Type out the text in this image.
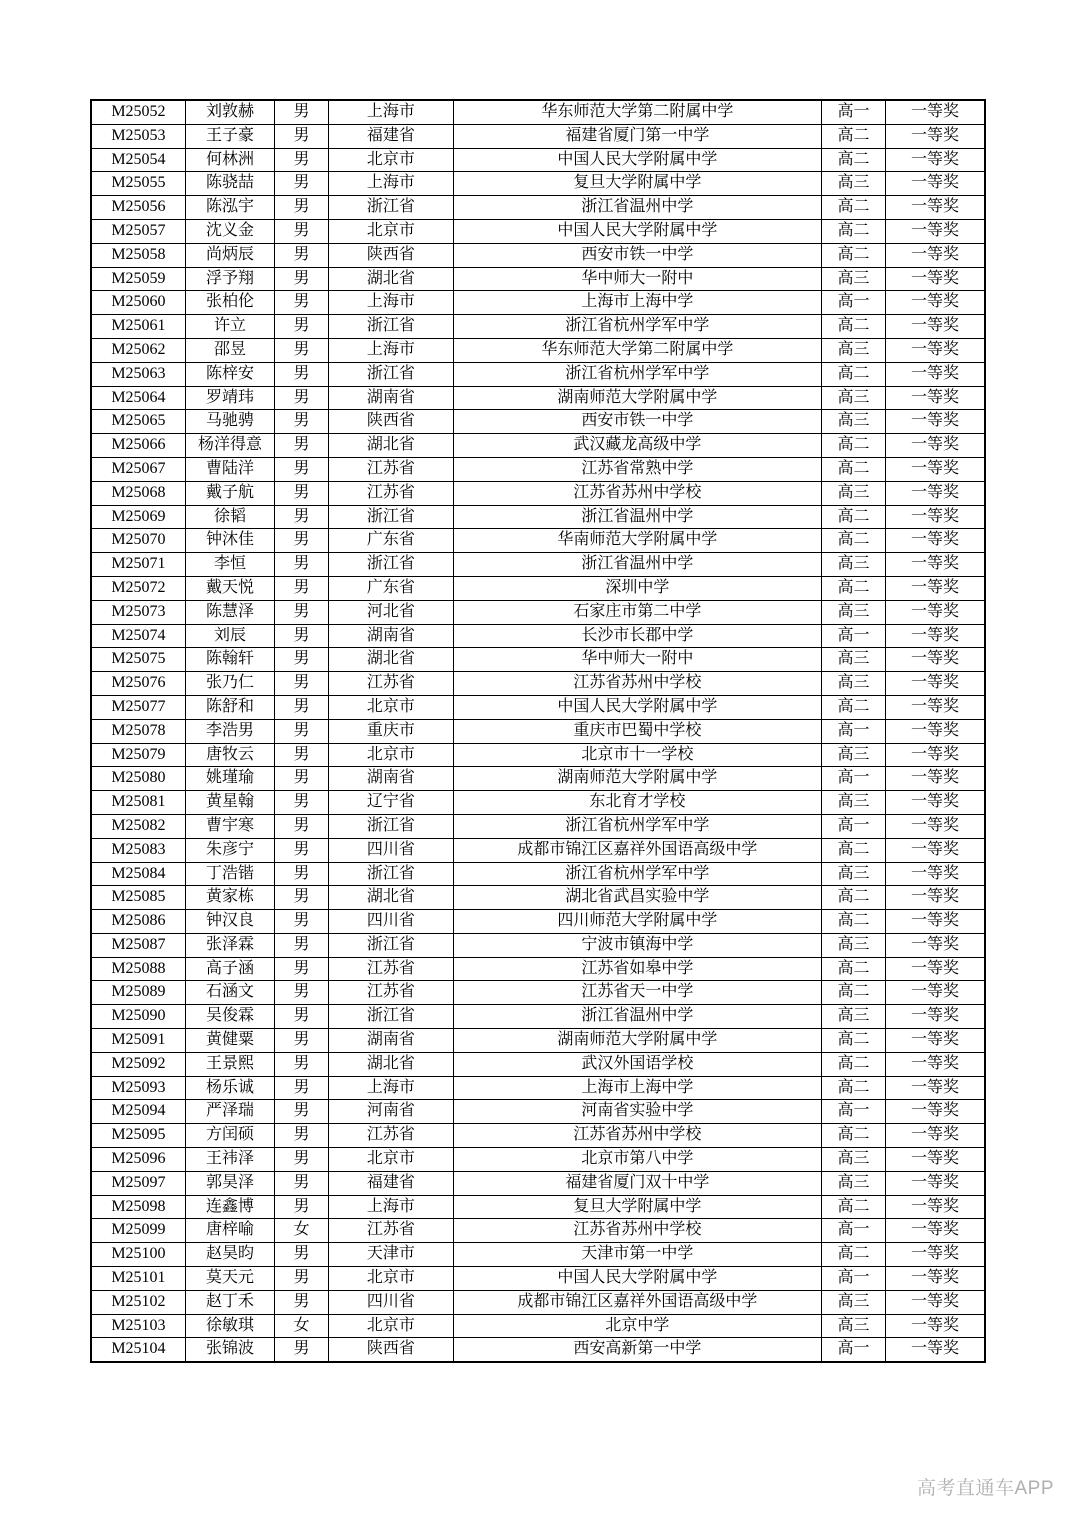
M25052	刘敦赫	男	上海市	华东师范大学第二附属中学	高一	一等奖
M25053	王子豪	男	福建省	福建省厦门第一中学	高二	一等奖
M25054	何林洲	男	北京市	中国人民大学附属中学	高二	一等奖
M25055	陈骁喆	男	上海市	复旦大学附属中学	高三	一等奖
M25056	陈泓宇	男	浙江省	浙江省温州中学	高二	一等奖
M25057	沈义金	男	北京市	中国人民大学附属中学	高二	一等奖
M25058	尚炳辰	男	陕西省	西安市铁一中学	高二	一等奖
M25059	浮予翔	男	湖北省	华中师大一附中	高三	一等奖
M25060	张柏伦	男	上海市	上海市上海中学	高一	一等奖
M25061	许立	男	浙江省	浙江省杭州学军中学	高二	一等奖
M25062	邵昱	男	上海市	华东师范大学第二附属中学	高三	一等奖
M25063	陈梓安	男	浙江省	浙江省杭州学军中学	高二	一等奖
M25064	罗靖玮	男	湖南省	湖南师范大学附属中学	高三	一等奖
M25065	马驰骋	男	陕西省	西安市铁一中学	高三	一等奖
M25066	杨洋得意	男	湖北省	武汉藏龙高级中学	高二	一等奖
M25067	曹陆洋	男	江苏省	江苏省常熟中学	高二	一等奖
M25068	戴子航	男	江苏省	江苏省苏州中学校	高三	一等奖
M25069	徐韬	男	浙江省	浙江省温州中学	高二	一等奖
M25070	钟沐佳	男	广东省	华南师范大学附属中学	高二	一等奖
M25071	李恒	男	浙江省	浙江省温州中学	高三	一等奖
M25072	戴天悦	男	广东省	深圳中学	高二	一等奖
M25073	陈慧泽	男	河北省	石家庄市第二中学	高三	一等奖
M25074	刘辰	男	湖南省	长沙市长郡中学	高一	一等奖
M25075	陈翰轩	男	湖北省	华中师大一附中	高三	一等奖
M25076	张乃仁	男	江苏省	江苏省苏州中学校	高三	一等奖
M25077	陈舒和	男	北京市	中国人民大学附属中学	高二	一等奖
M25078	李浩男	男	重庆市	重庆市巴蜀中学校	高一	一等奖
M25079	唐牧云	男	北京市	北京市十一学校	高三	一等奖
M25080	姚瑾瑜	男	湖南省	湖南师范大学附属中学	高一	一等奖
M25081	黄星翰	男	辽宁省	东北育才学校	高三	一等奖
M25082	曹宇寒	男	浙江省	浙江省杭州学军中学	高一	一等奖
M25083	朱彦宁	男	四川省	成都市锦江区嘉祥外国语高级中学	高二	一等奖
M25084	丁浩锴	男	浙江省	浙江省杭州学军中学	高三	一等奖
M25085	黄家栋	男	湖北省	湖北省武昌实验中学	高二	一等奖
M25086	钟汉良	男	四川省	四川师范大学附属中学	高二	一等奖
M25087	张泽霖	男	浙江省	宁波市镇海中学	高三	一等奖
M25088	高子涵	男	江苏省	江苏省如皋中学	高二	一等奖
M25089	石涵文	男	江苏省	江苏省天一中学	高二	一等奖
M25090	吴俊霖	男	浙江省	浙江省温州中学	高三	一等奖
M25091	黄健粟	男	湖南省	湖南师范大学附属中学	高二	一等奖
M25092	王景熙	男	湖北省	武汉外国语学校	高二	一等奖
M25093	杨乐诚	男	上海市	上海市上海中学	高二	一等奖
M25094	严泽瑞	男	河南省	河南省实验中学	高一	一等奖
M25095	方闰硕	男	江苏省	江苏省苏州中学校	高二	一等奖
M25096	王祎泽	男	北京市	北京市第八中学	高三	一等奖
M25097	郭昊泽	男	福建省	福建省厦门双十中学	高三	一等奖
M25098	连鑫博	男	上海市	复旦大学附属中学	高二	一等奖
M25099	唐梓喻	女	江苏省	江苏省苏州中学校	高一	一等奖
M25100	赵昊昀	男	天津市	天津市第一中学	高二	一等奖
M25101	莫天元	男	北京市	中国人民大学附属中学	高一	一等奖
M25102	赵丁禾	男	四川省	成都市锦江区嘉祥外国语高级中学	高三	一等奖
M25103	徐敏琪	女	北京市	北京中学	高三	一等奖
M25104	张锦波	男	陕西省	西安高新第一中学	高一	一等奖
高考直通车APP
